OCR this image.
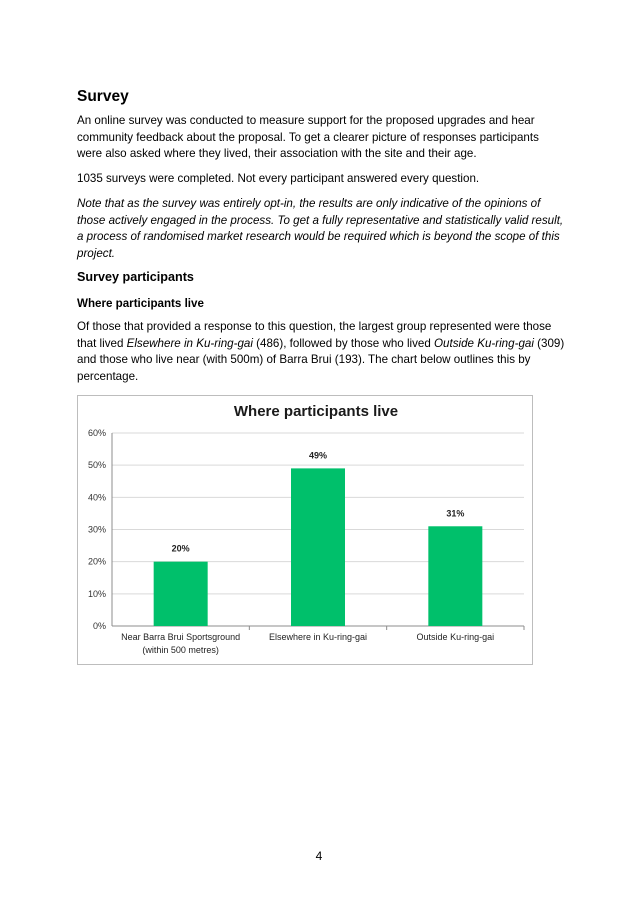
Survey

An online survey was conducted to measure support for the proposed upgrades and hear community feedback about the proposal. To get a clearer picture of responses participants were also asked where they lived, their association with the site and their age.

1035 surveys were completed. Not every participant answered every question.

Note that as the survey was entirely opt-in, the results are only indicative of the opinions of those actively engaged in the process. To get a fully representative and statistically valid result, a process of randomised market research would be required which is beyond the scope of this project.

Survey participants
Where participants live

Of those that provided a response to this question, the largest group represented were those that lived Elsewhere in Ku-ring-gai (486), followed by those who lived Outside Ku-ring-gai (309) and those who live near (with 500m) of Barra Brui (193). The chart below outlines this by percentage.

Where participants live
0%
10%
20%
30%
40%
50%
60%
20%
Near Barra Brui Sportsground
(within 500 metres)
49%
Elsewhere in Ku-ring-gai
31%
Outside Ku-ring-gai
4
